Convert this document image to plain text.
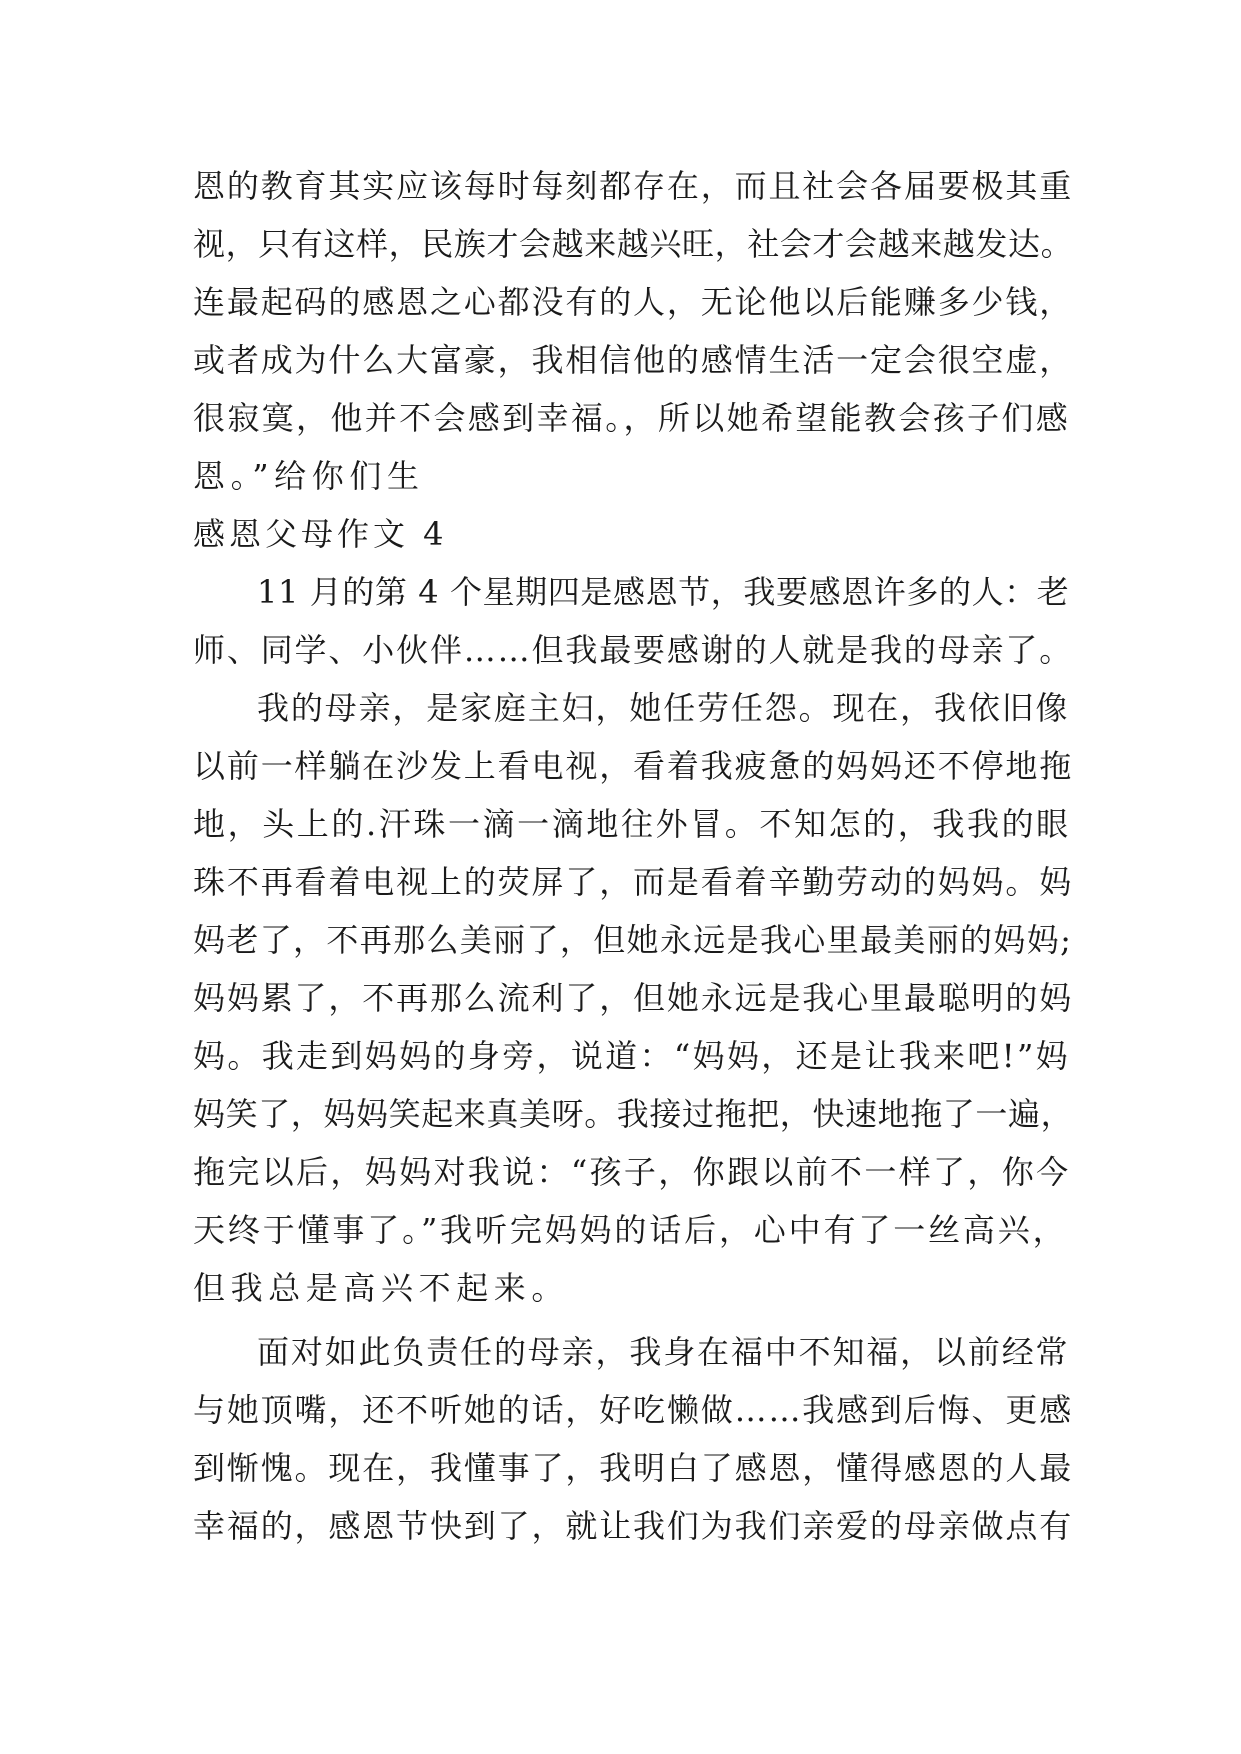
恩的教育其实应该每时每刻都存在，而且社会各届要极其重
视，只有这样，民族才会越来越兴旺，社会才会越来越发达。
连最起码的感恩之心都没有的人，无论他以后能赚多少钱，
或者成为什么大富豪，我相信他的感情生活一定会很空虚，
很寂寞，他并不会感到幸福。，所以她希望能教会孩子们感
恩。”给你们生
感恩父母作文 4
11 月的第 4 个星期四是感恩节，我要感恩许多的人：老
师、同学、小伙伴……但我最要感谢的人就是我的母亲了。
我的母亲，是家庭主妇，她任劳任怨。现在，我依旧像
以前一样躺在沙发上看电视，看着我疲惫的妈妈还不停地拖
地，头上的.汗珠一滴一滴地往外冒。不知怎的，我我的眼
珠不再看着电视上的荧屏了，而是看着辛勤劳动的妈妈。妈
妈老了，不再那么美丽了，但她永远是我心里最美丽的妈妈;
妈妈累了，不再那么流利了，但她永远是我心里最聪明的妈
妈。我走到妈妈的身旁，说道：“妈妈，还是让我来吧!”妈
妈笑了，妈妈笑起来真美呀。我接过拖把，快速地拖了一遍，
拖完以后，妈妈对我说：“孩子，你跟以前不一样了，你今
天终于懂事了。”我听完妈妈的话后，心中有了一丝高兴，
但我总是高兴不起来。
面对如此负责任的母亲，我身在福中不知福，以前经常
与她顶嘴，还不听她的话，好吃懒做……我感到后悔、更感
到惭愧。现在，我懂事了，我明白了感恩，懂得感恩的人最
幸福的，感恩节快到了，就让我们为我们亲爱的母亲做点有
